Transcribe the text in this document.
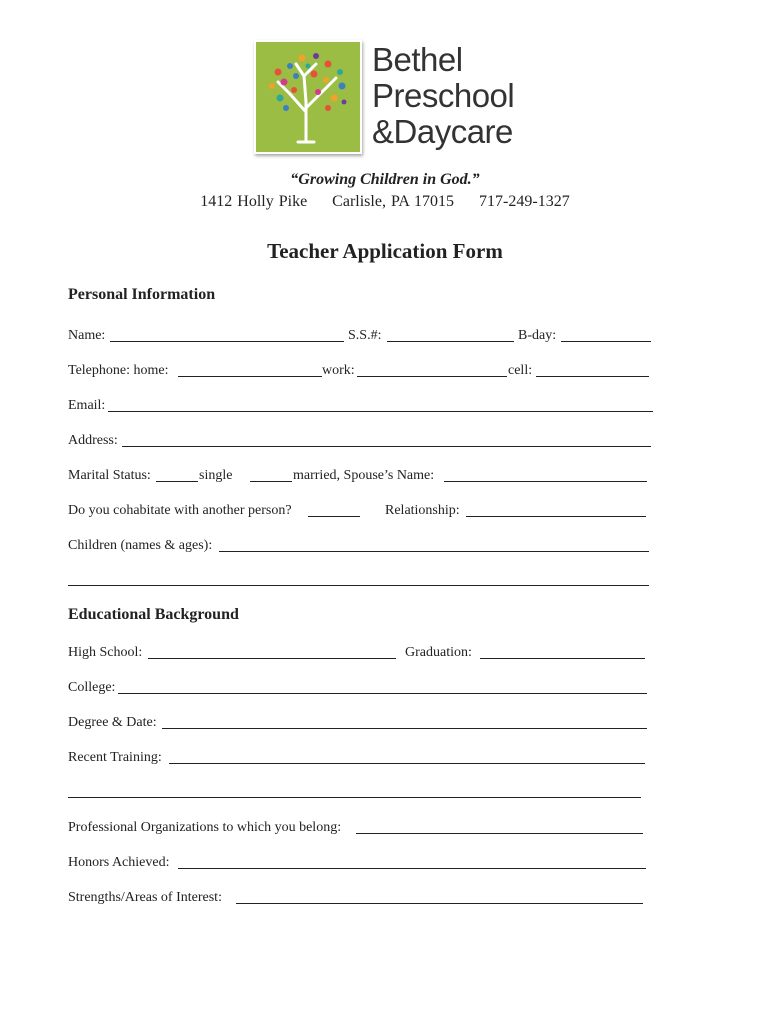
Bethel
Preschool
&Daycare
“Growing Children in God.”
1412 Holly Pike Carlisle, PA 17015 717-249-1327
Teacher Application Form
Personal Information
Name:	S.S.#:	B-day:
Telephone: home:	work:	cell:
Email:
Address:
Marital Status:	single	married, Spouse’s Name:
Do you cohabitate with another person?	Relationship:
Children (names & ages):
Educational Background
High School:	Graduation:
College:
Degree & Date:
Recent Training:
Professional Organizations to which you belong:
Honors Achieved:
Strengths/Areas of Interest:
